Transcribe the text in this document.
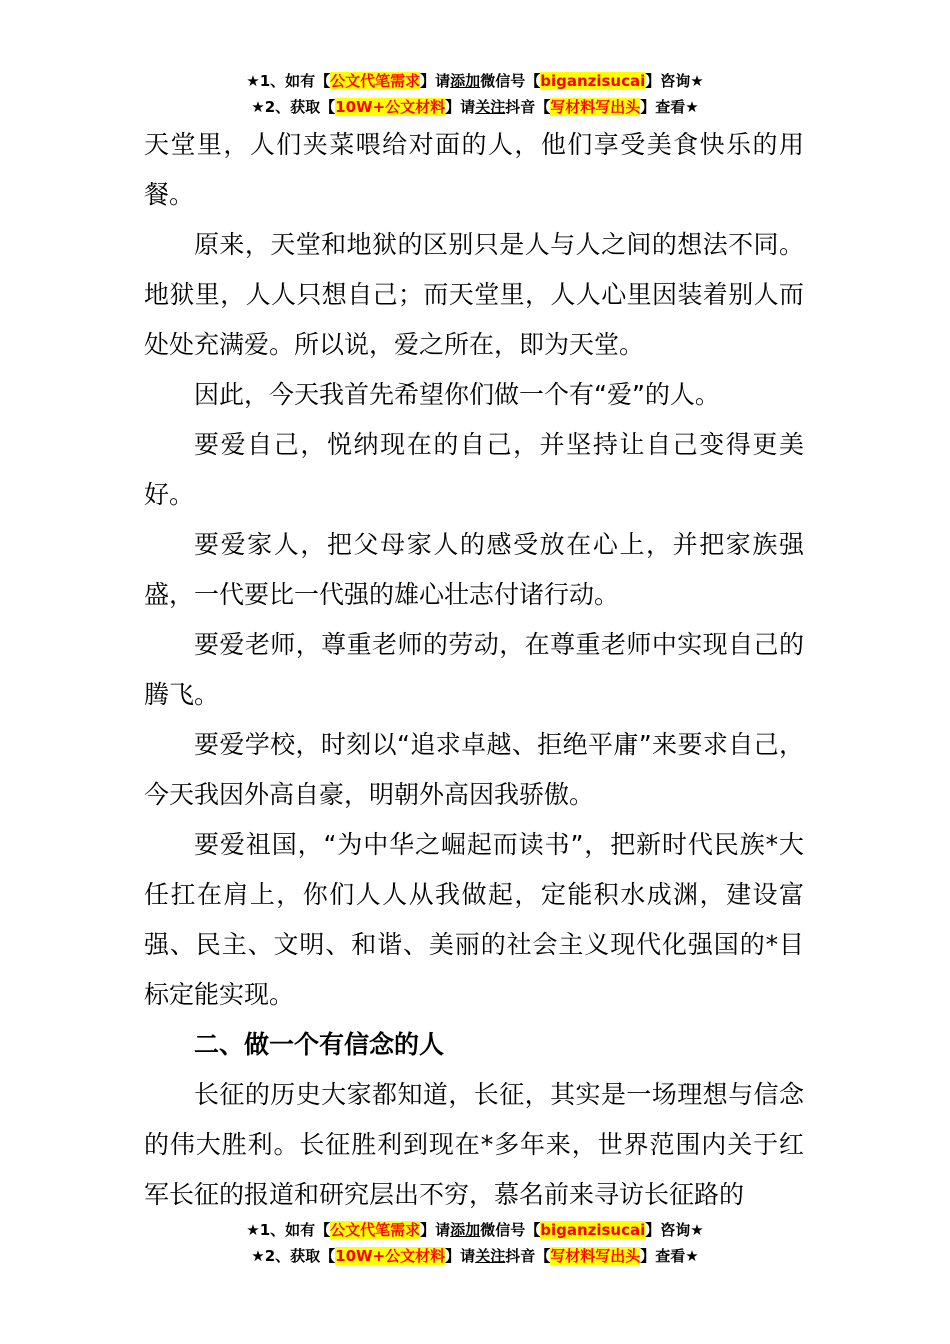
★1、如有【公文代笔需求】请添加微信号【biganzisucai】咨询★
★2、获取【10W+公文材料】请关注抖音【写材料写出头】查看★

天堂里，人们夹菜喂给对面的人，他们享受美食快乐的用餐。

原来，天堂和地狱的区别只是人与人之间的想法不同。地狱里，人人只想自己；而天堂里，人人心里因装着别人而处处充满爱。所以说，爱之所在，即为天堂。

因此，今天我首先希望你们做一个有“爱”的人。

要爱自己，悦纳现在的自己，并坚持让自己变得更美好。

要爱家人，把父母家人的感受放在心上，并把家族强盛，一代要比一代强的雄心壮志付诸行动。

要爱老师，尊重老师的劳动，在尊重老师中实现自己的腾飞。

要爱学校，时刻以“追求卓越、拒绝平庸”来要求自己，今天我因外高自豪，明朝外高因我骄傲。

要爱祖国，“为中华之崛起而读书”，把新时代民族*大任扛在肩上，你们人人从我做起，定能积水成渊，建设富强、民主、文明、和谐、美丽的社会主义现代化强国的*目标定能实现。

二、做一个有信念的人

长征的历史大家都知道，长征，其实是一场理想与信念的伟大胜利。长征胜利到现在*多年来，世界范围内关于红军长征的报道和研究层出不穷，慕名前来寻访长征路的

★1、如有【公文代笔需求】请添加微信号【biganzisucai】咨询★
★2、获取【10W+公文材料】请关注抖音【写材料写出头】查看★
